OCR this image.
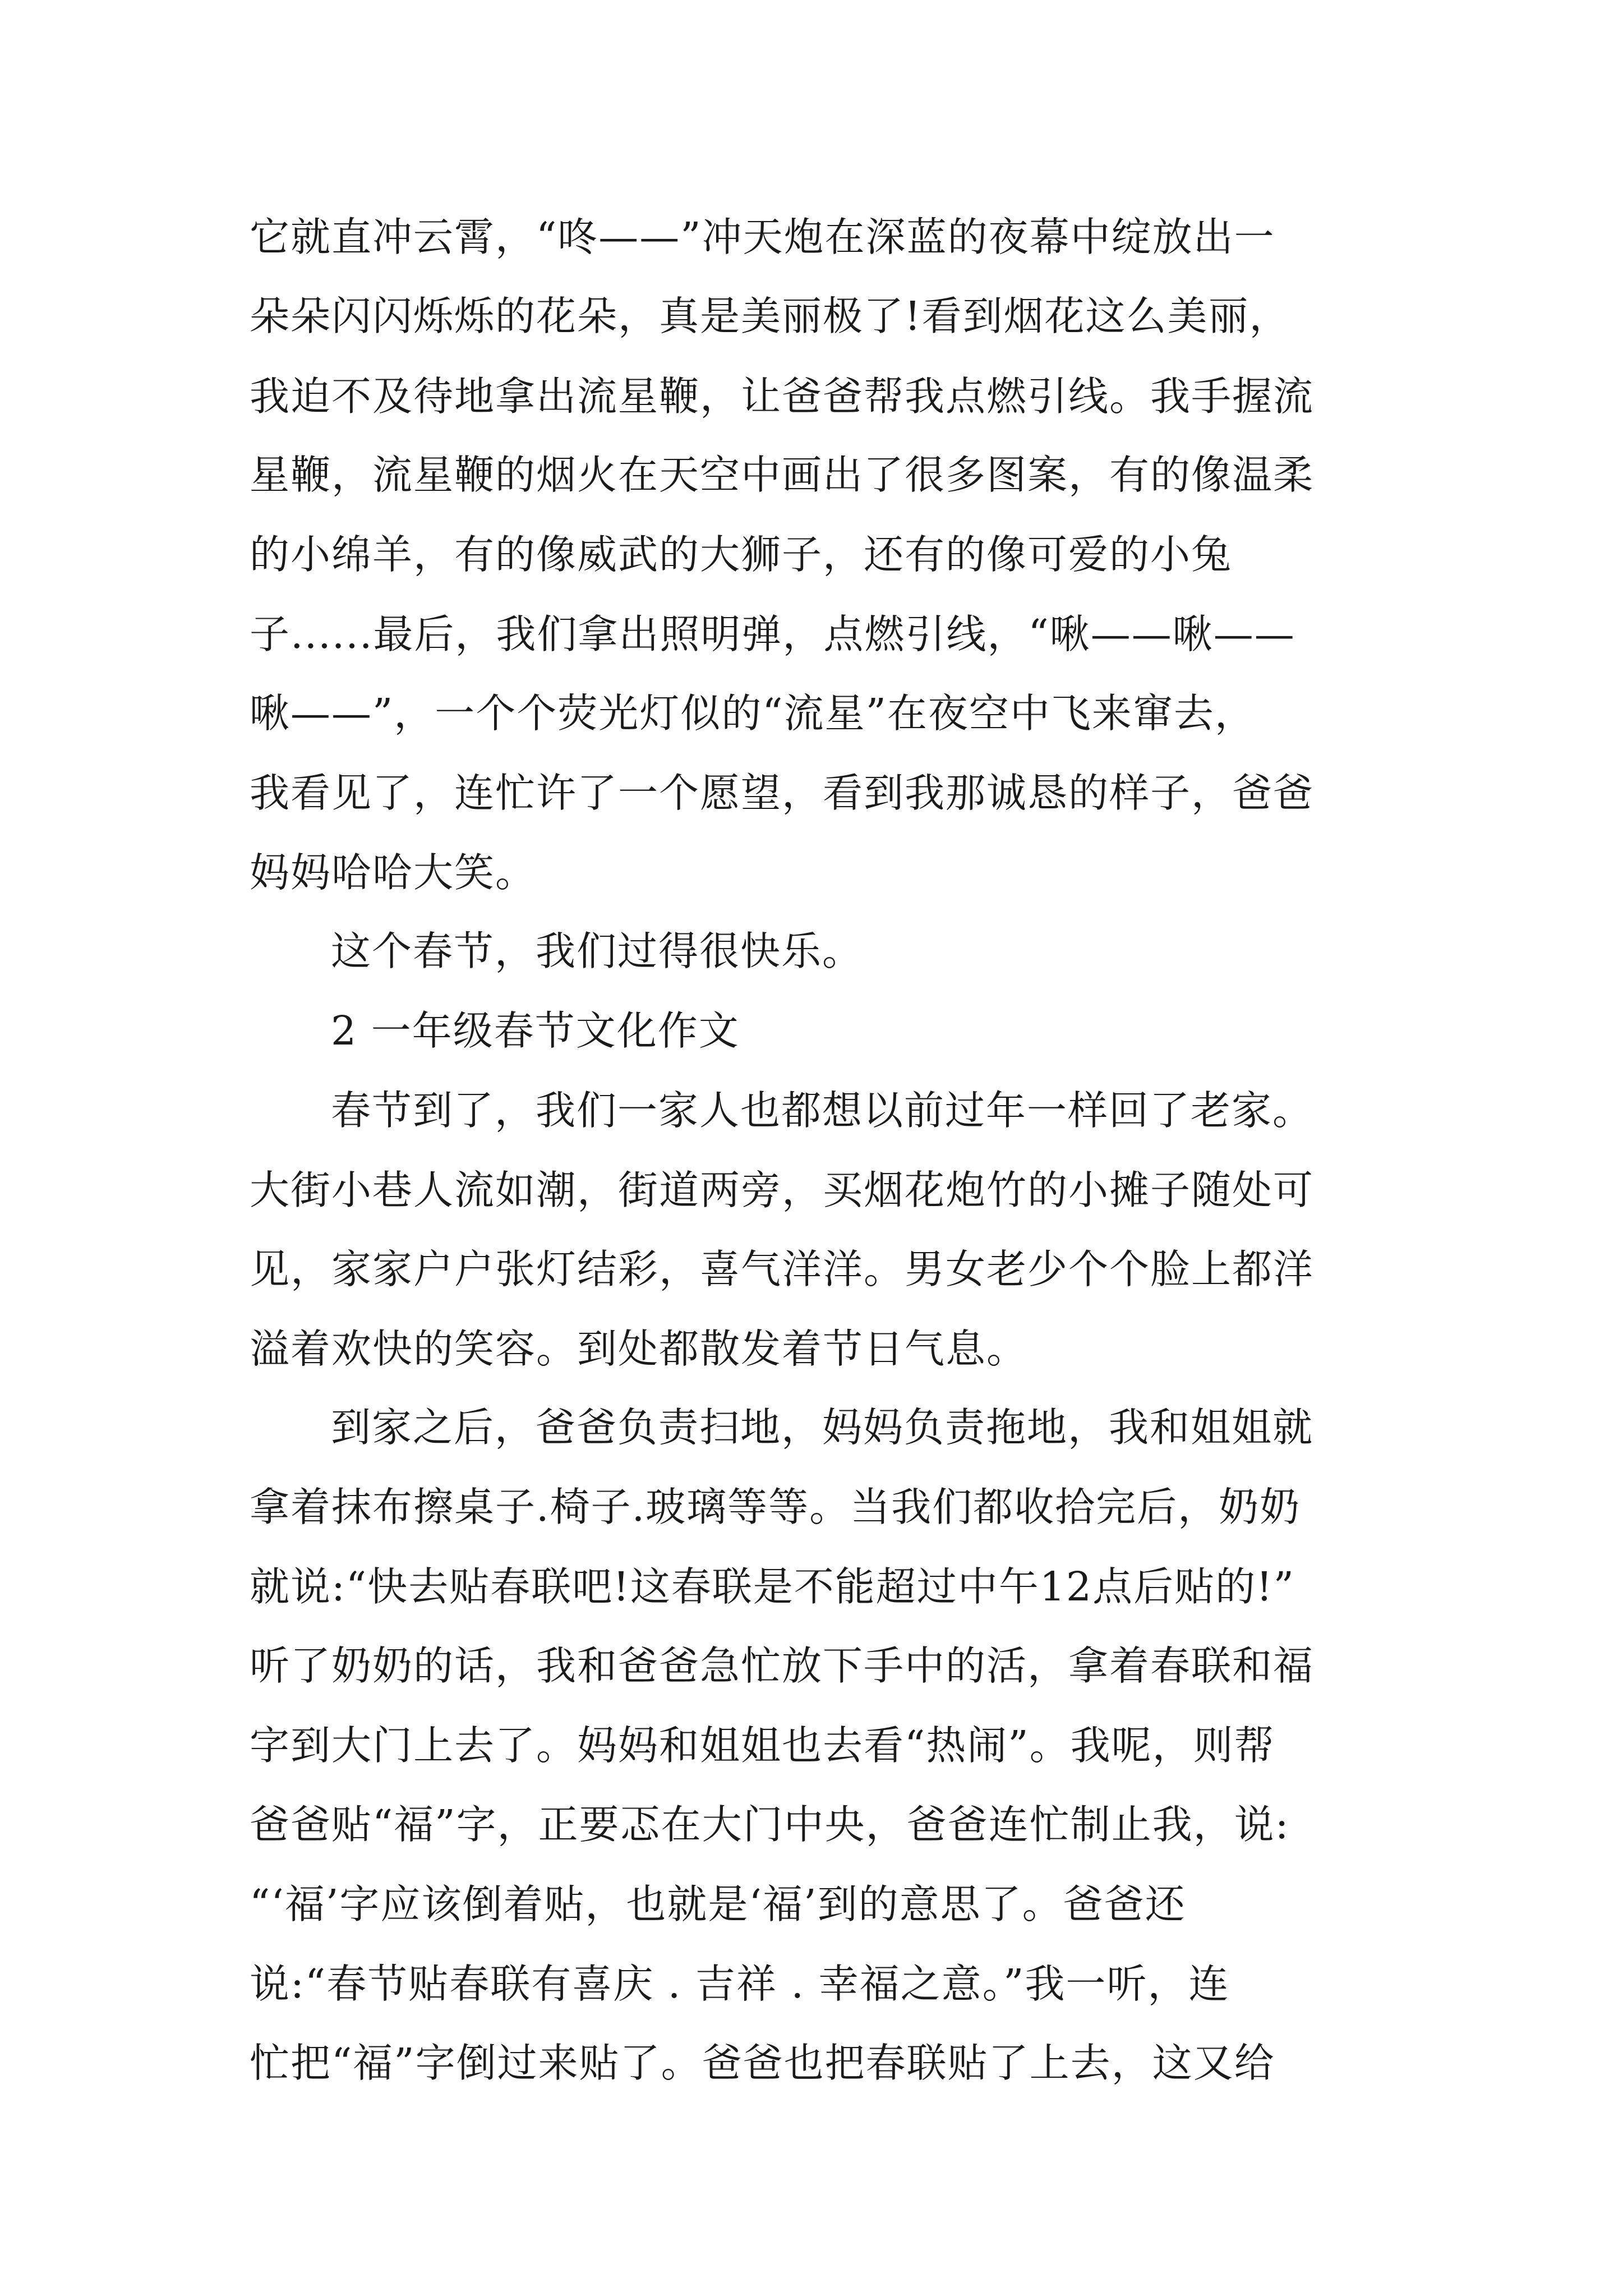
它就直冲云霄，“咚——”冲天炮在深蓝的夜幕中绽放出一

朵朵闪闪烁烁的花朵，真是美丽极了!看到烟花这么美丽，

我迫不及待地拿出流星鞭，让爸爸帮我点燃引线。我手握流

星鞭，流星鞭的烟火在天空中画出了很多图案，有的像温柔

的小绵羊，有的像威武的大狮子，还有的像可爱的小兔

子......最后，我们拿出照明弹，点燃引线，“啾——啾——

啾——”，一个个荧光灯似的“流星”在夜空中飞来窜去，

我看见了，连忙许了一个愿望，看到我那诚恳的样子，爸爸

妈妈哈哈大笑。

这个春节，我们过得很快乐。

2 一年级春节文化作文

春节到了，我们一家人也都想以前过年一样回了老家。

大街小巷人流如潮，街道两旁，买烟花炮竹的小摊子随处可

见，家家户户张灯结彩，喜气洋洋。男女老少个个脸上都洋

溢着欢快的笑容。到处都散发着节日气息。

到家之后，爸爸负责扫地，妈妈负责拖地，我和姐姐就

拿着抹布擦桌子.椅子.玻璃等等。当我们都收拾完后，奶奶

就说:“快去贴春联吧!这春联是不能超过中午12点后贴的!”

听了奶奶的话，我和爸爸急忙放下手中的活，拿着春联和福

字到大门上去了。妈妈和姐姐也去看“热闹”。我呢，则帮

爸爸贴“福”字，正要忑在大门中央，爸爸连忙制止我，说:

“‘福’字应该倒着贴，也就是‘福’到的意思了。爸爸还

说:“春节贴春联有喜庆 . 吉祥 . 幸福之意。”我一听，连

忙把“福”字倒过来贴了。爸爸也把春联贴了上去，这又给
